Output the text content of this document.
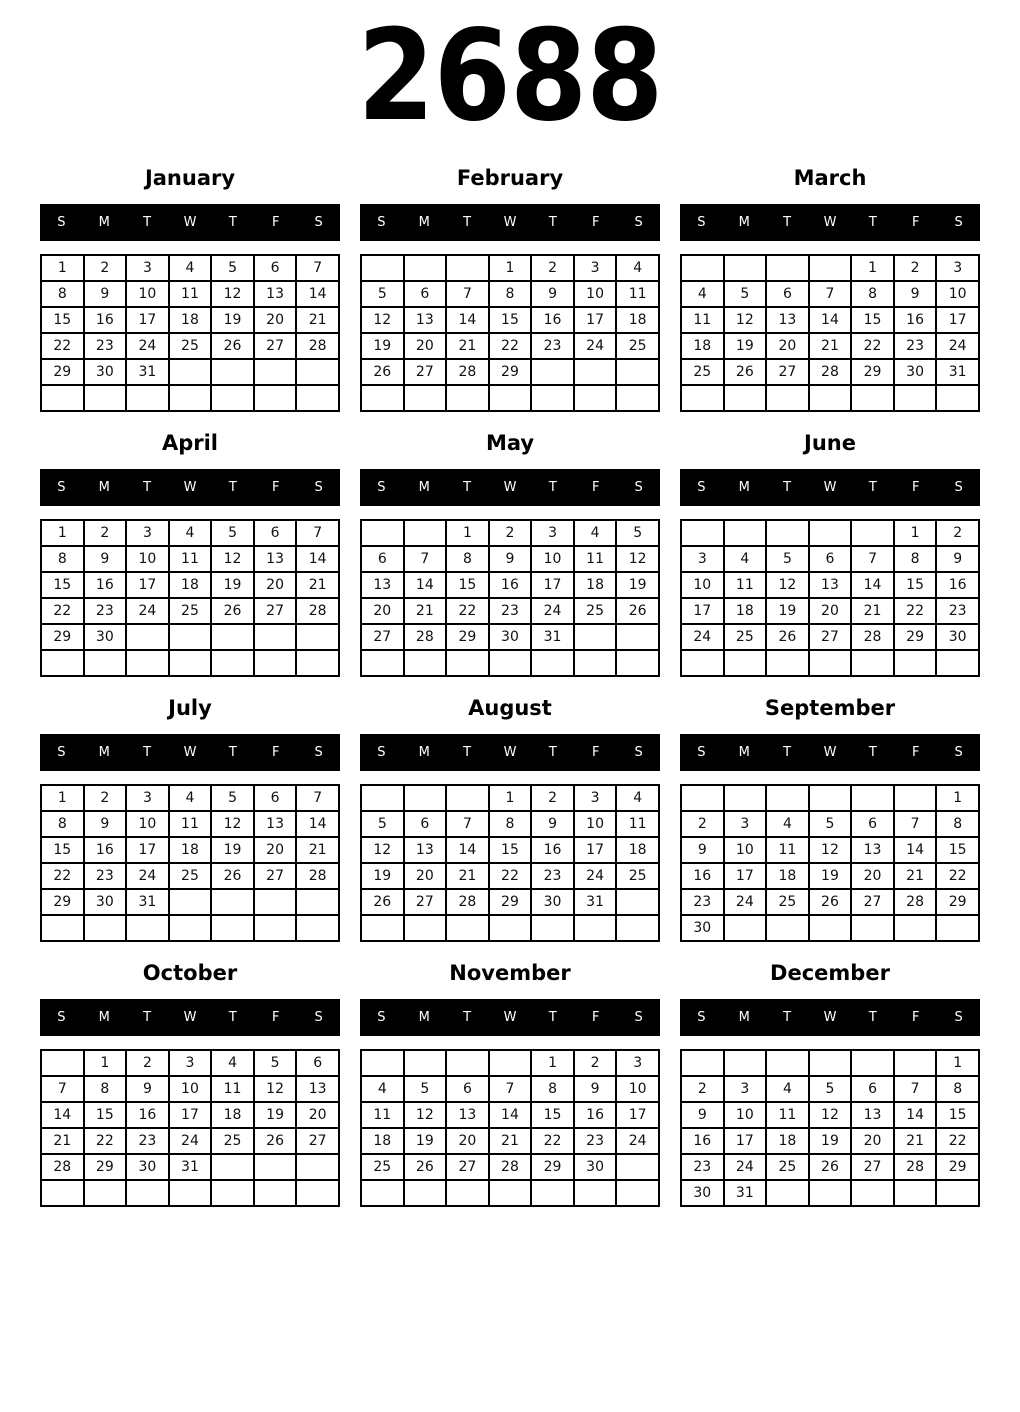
2688
January
S	M	T	W	T	F	S
1	2	3	4	5	6	7
8	9	10	11	12	13	14
15	16	17	18	19	20	21
22	23	24	25	26	27	28
29	30	31				

February
S	M	T	W	T	F	S
			1	2	3	4
5	6	7	8	9	10	11
12	13	14	15	16	17	18
19	20	21	22	23	24	25
26	27	28	29			

March
S	M	T	W	T	F	S
				1	2	3
4	5	6	7	8	9	10
11	12	13	14	15	16	17
18	19	20	21	22	23	24
25	26	27	28	29	30	31

April
S	M	T	W	T	F	S
1	2	3	4	5	6	7
8	9	10	11	12	13	14
15	16	17	18	19	20	21
22	23	24	25	26	27	28
29	30					

May
S	M	T	W	T	F	S
		1	2	3	4	5
6	7	8	9	10	11	12
13	14	15	16	17	18	19
20	21	22	23	24	25	26
27	28	29	30	31		

June
S	M	T	W	T	F	S
					1	2
3	4	5	6	7	8	9
10	11	12	13	14	15	16
17	18	19	20	21	22	23
24	25	26	27	28	29	30

July
S	M	T	W	T	F	S
1	2	3	4	5	6	7
8	9	10	11	12	13	14
15	16	17	18	19	20	21
22	23	24	25	26	27	28
29	30	31				

August
S	M	T	W	T	F	S
			1	2	3	4
5	6	7	8	9	10	11
12	13	14	15	16	17	18
19	20	21	22	23	24	25
26	27	28	29	30	31	

September
S	M	T	W	T	F	S
						1
2	3	4	5	6	7	8
9	10	11	12	13	14	15
16	17	18	19	20	21	22
23	24	25	26	27	28	29
30						
October
S	M	T	W	T	F	S
	1	2	3	4	5	6
7	8	9	10	11	12	13
14	15	16	17	18	19	20
21	22	23	24	25	26	27
28	29	30	31			

November
S	M	T	W	T	F	S
				1	2	3
4	5	6	7	8	9	10
11	12	13	14	15	16	17
18	19	20	21	22	23	24
25	26	27	28	29	30	

December
S	M	T	W	T	F	S
						1
2	3	4	5	6	7	8
9	10	11	12	13	14	15
16	17	18	19	20	21	22
23	24	25	26	27	28	29
30	31					
